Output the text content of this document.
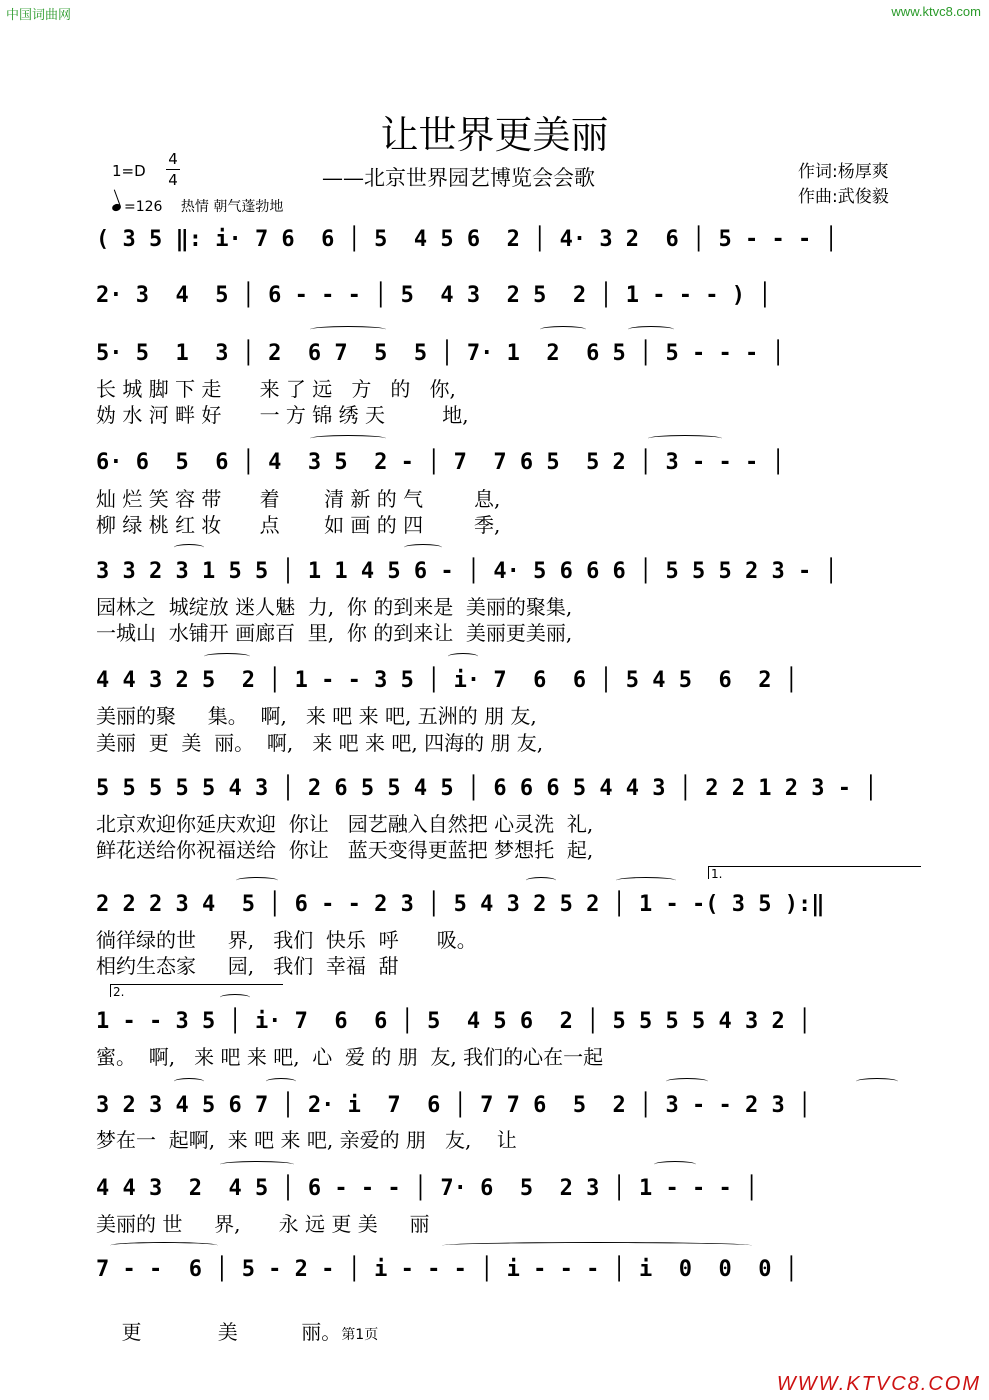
中国词曲网	www.ktvc8.com
让世界更美丽
——北京世界园艺博览会会歌	作词:杨厚爽
作曲:武俊毅
1=D
4
4
=126 热情 朝气蓬勃地
( 3 5 ‖: i· 7 6  6 │ 5  4 5 6  2 │ 4· 3 2  6 │ 5 - - - │
2· 3  4  5 │ 6 - - - │ 5  4 3  2 5  2 │ 1 - - - ) │
5· 5  1  3 │ 2  6 7  5  5 │ 7· 1  2  6 5 │ 5 - - - │
长 城 脚 下 走      来 了 远   方   的   你,
妫 水 河 畔 好      一 方 锦 绣 天         地,
6· 6  5  6 │ 4  3 5  2 - │ 7  7 6 5  5 2 │ 3 - - - │
灿 烂 笑 容 带      着       清 新 的 气        息,
柳 绿 桃 红 妆      点       如 画 的 四        季,
3 3 2 3 1 5 5 │ 1 1 4 5 6 - │ 4· 5 6 6 6 │ 5 5 5 2 3 - │
园林之  城绽放 迷人魅  力,  你 的到来是  美丽的聚集,
一城山  水铺开 画廊百  里,  你 的到来让  美丽更美丽,
4 4 3 2 5  2 │ 1 - - 3 5 │ i· 7  6  6 │ 5 4 5  6  2 │
美丽的聚     集。  啊,   来 吧 来 吧, 五洲的 朋 友,
美丽  更  美  丽。  啊,   来 吧 来 吧, 四海的 朋 友,
5 5 5 5 5 4 3 │ 2 6 5 5 4 5 │ 6 6 6 5 4 4 3 │ 2 2 1 2 3 - │
北京欢迎你延庆欢迎  你让   园艺融入自然把 心灵洗  礼,
鲜花送给你祝福送给  你让   蓝天变得更蓝把 梦想托  起,
1.
2 2 2 3 4  5 │ 6 - - 2 3 │ 5 4 3 2 5 2 │ 1 - -( 3 5 ):‖
徜徉绿的世     界,   我们  快乐  呼      吸。
相约生态家     园,   我们  幸福  甜
2.
1 - - 3 5 │ i· 7  6  6 │ 5  4 5 6  2 │ 5 5 5 5 4 3 2 │
蜜。  啊,   来 吧 来 吧,  心  爱 的 朋  友, 我们的心在一起
3 2 3 4 5 6 7 │ 2· i  7  6 │ 7 7 6  5  2 │ 3 - - 2 3 │
梦在一  起啊,  来 吧 来 吧, 亲爱的 朋   友,    让
4 4 3  2  4 5 │ 6 - - - │ 7· 6  5  2 3 │ 1 - - - │
美丽的 世     界,      永 远 更 美     丽
7 - -  6 │ 5 - 2 - │ i - - - │ i - - - │ i  0  0  0 │

更            美          丽。第1页

WWW.KTVC8.COM
